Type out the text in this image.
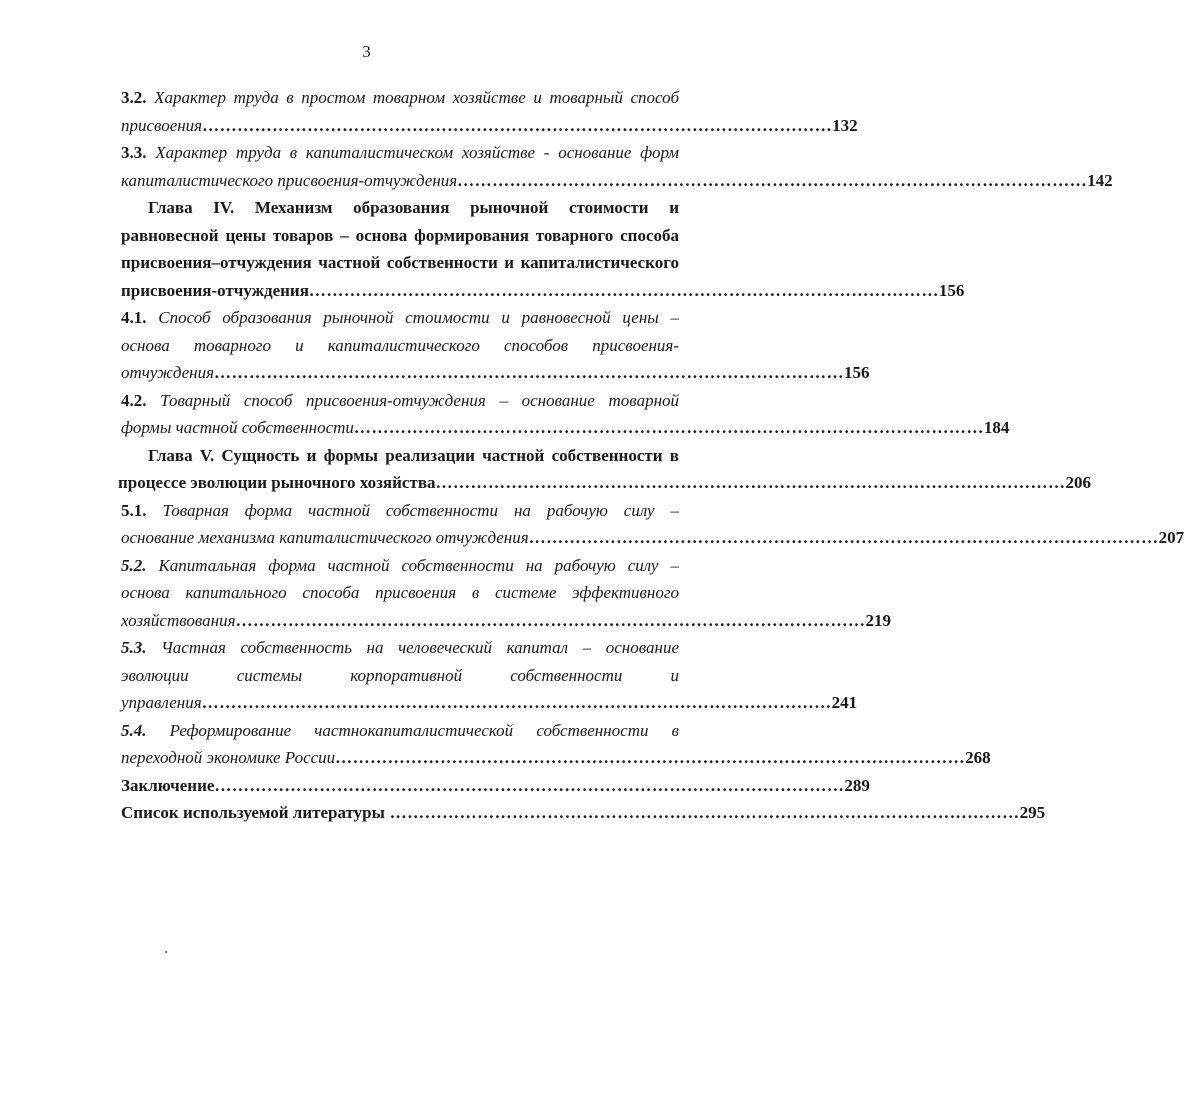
3
3.2. Характер труда в простом товарном хозяйстве и товарный способ
присвоения ……………………………………………………………………………………………… 132
3.3. Характер труда в капиталистическом хозяйстве - основание форм
капиталистического присвоения-отчуждения ……………………………………………………………………………………………… 142
Глава IV. Механизм образования рыночной стоимости и
равновесной цены товаров – основа формирования товарного способа
присвоения–отчуждения частной собственности и капиталистического
присвоения-отчуждения ……………………………………………………………………………………………… 156
4.1. Способ образования рыночной стоимости и равновесной цены –
основа товарного и капиталистического способов присвоения-
отчуждения ……………………………………………………………………………………………… 156
4.2. Товарный способ присвоения-отчуждения – основание товарной
формы частной собственности ……………………………………………………………………………………………… 184
Глава V. Сущность и формы реализации частной собственности в
процессе эволюции рыночного хозяйства ……………………………………………………………………………………………… 206
5.1. Товарная форма частной собственности на рабочую силу –
основание механизма капиталистического отчуждения ……………………………………………………………………………………………… 207
5.2. Капитальная форма частной собственности на рабочую силу –
основа капитального способа присвоения в системе эффективного
хозяйствования ……………………………………………………………………………………………… 219
5.3. Частная собственность на человеческий капитал – основание
эволюции системы корпоративной собственности и
управления ……………………………………………………………………………………………… 241
5.4. Реформирование частнокапиталистической собственности в
переходной экономике России ……………………………………………………………………………………………… 268
Заключение ……………………………………………………………………………………………… 289
Список используемой литературы ……………………………………………………………………………………………… 295
